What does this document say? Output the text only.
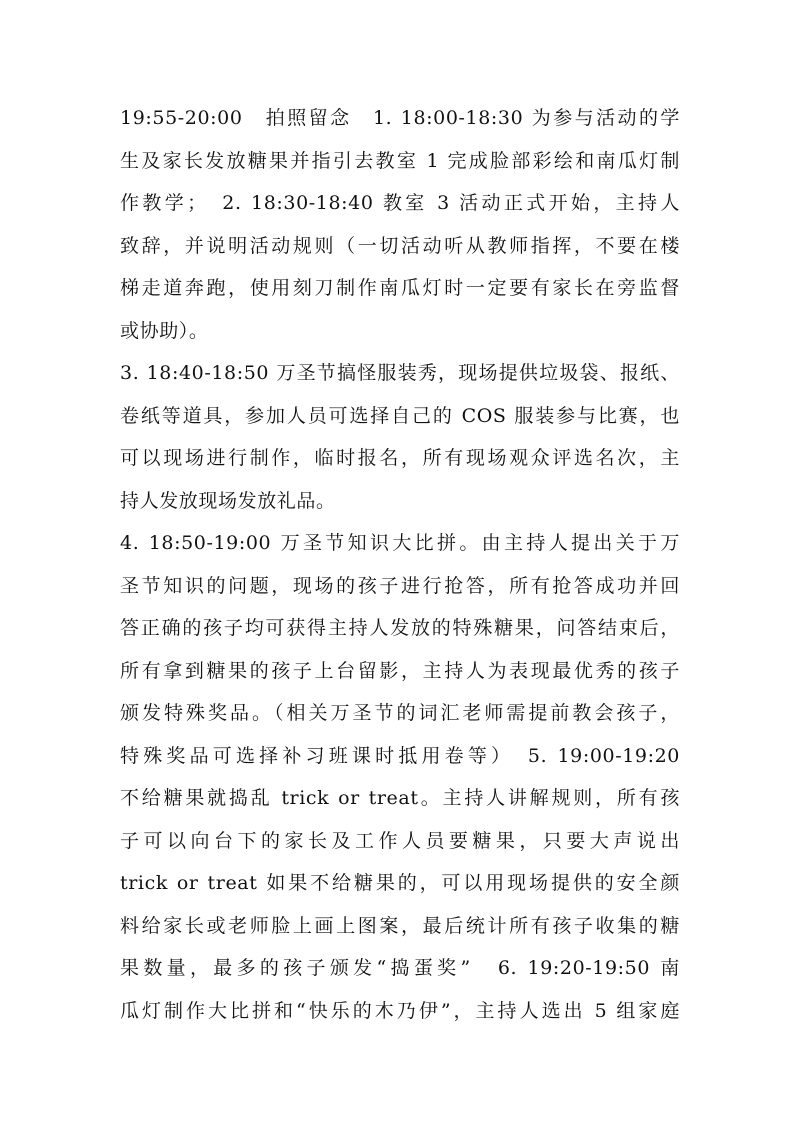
19:55-20:00　拍照留念　1. 18:00-18:30 为参与活动的学
生及家长发放糖果并指引去教室 1 完成脸部彩绘和南瓜灯制
作教学；　2. 18:30-18:40 教室 3 活动正式开始，主持人
致辞，并说明活动规则（一切活动听从教师指挥，不要在楼
梯走道奔跑，使用刻刀制作南瓜灯时一定要有家长在旁监督
或协助）。
3. 18:40-18:50 万圣节搞怪服装秀，现场提供垃圾袋、报纸、
卷纸等道具，参加人员可选择自己的 COS 服装参与比赛，也
可以现场进行制作，临时报名，所有现场观众评选名次，主
持人发放现场发放礼品。
4. 18:50-19:00 万圣节知识大比拼。由主持人提出关于万
圣节知识的问题，现场的孩子进行抢答，所有抢答成功并回
答正确的孩子均可获得主持人发放的特殊糖果，问答结束后，
所有拿到糖果的孩子上台留影，主持人为表现最优秀的孩子
颁发特殊奖品。（相关万圣节的词汇老师需提前教会孩子，
特殊奖品可选择补习班课时抵用卷等）　5. 19:00-19:20
不给糖果就捣乱 trick or treat。主持人讲解规则，所有孩
子可以向台下的家长及工作人员要糖果，只要大声说出
trick or treat 如果不给糖果的，可以用现场提供的安全颜
料给家长或老师脸上画上图案，最后统计所有孩子收集的糖
果数量，最多的孩子颁发“捣蛋奖”　6. 19:20-19:50 南
瓜灯制作大比拼和“快乐的木乃伊”，主持人选出 5 组家庭
